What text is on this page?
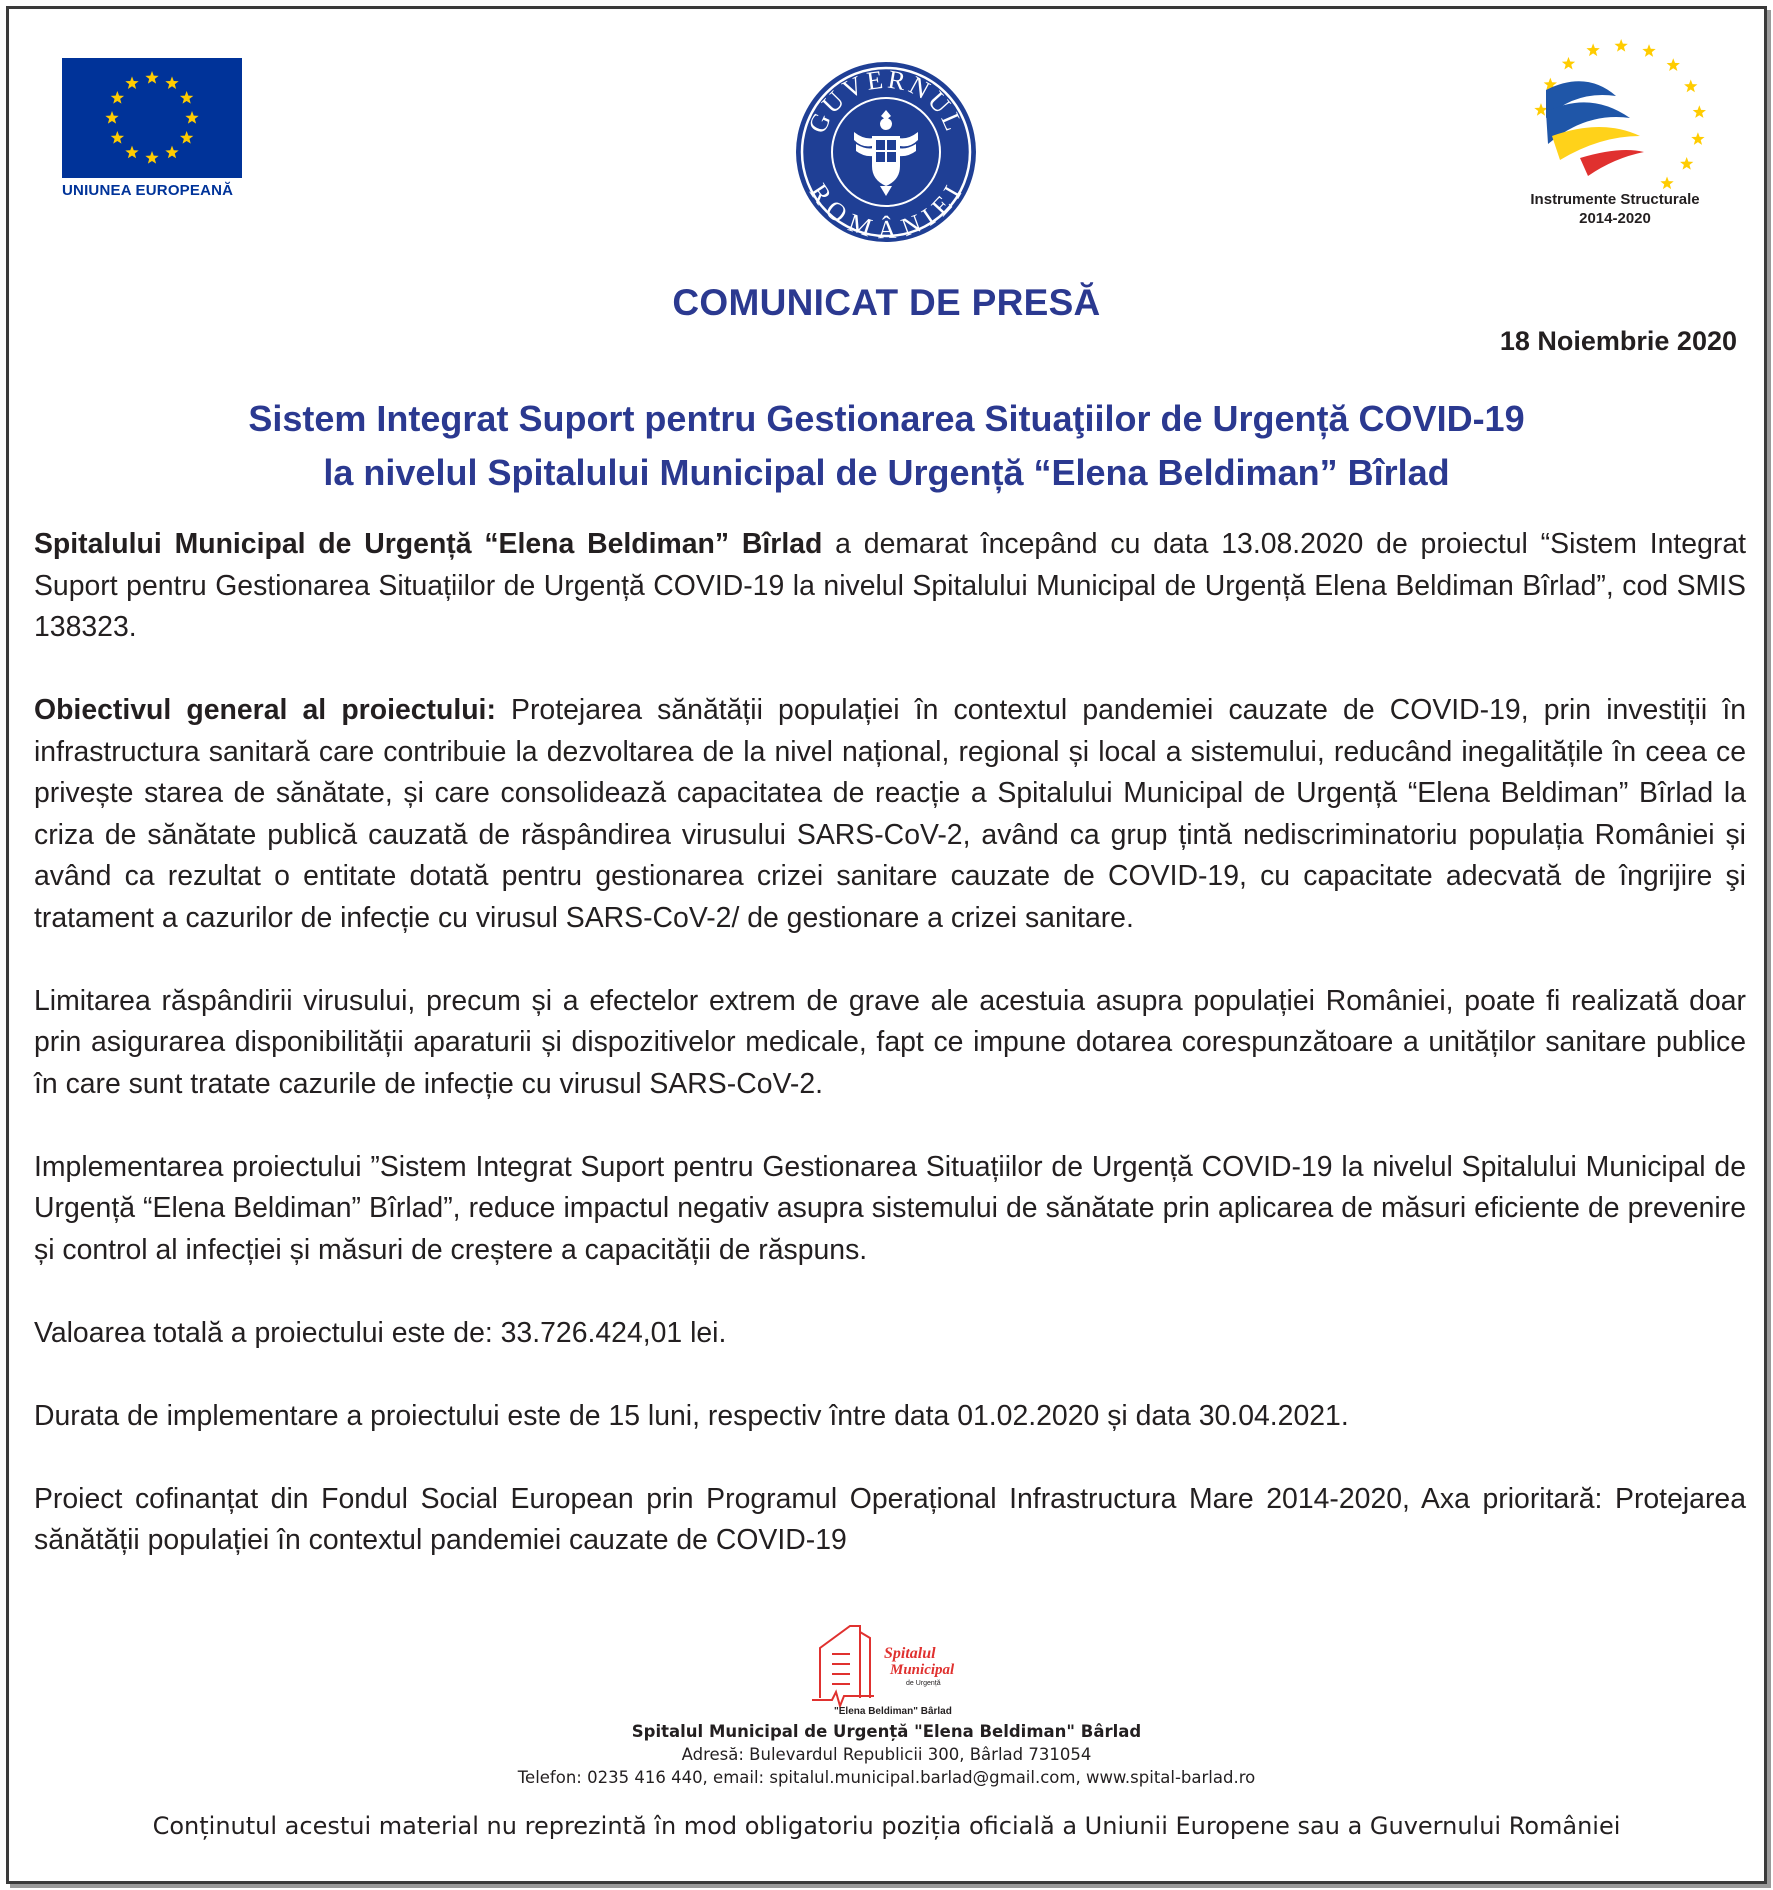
UNIUNEA EUROPEANĂ
GUVERNUL
ROMÂNIEI	Instrumente Structurale
2014-2020
COMUNICAT DE PRESĂ
18 Noiembrie 2020
Sistem Integrat Suport pentru Gestionarea Situaţiilor de Urgență COVID-19
la nivelul Spitalului Municipal de Urgență “Elena Beldiman” Bîrlad

Spitalului Municipal de Urgență “Elena Beldiman” Bîrlad a demarat începând cu data 13.08.2020 de proiectul “Sistem Integrat Suport pentru Gestionarea Situațiilor de Urgență COVID-19 la nivelul Spitalului Municipal de Urgență Elena Beldiman Bîrlad”, cod SMIS 138323.

Obiectivul general al proiectului: Protejarea sănătății populației în contextul pandemiei cauzate de COVID-19, prin investiții în infrastructura sanitară care contribuie la dezvoltarea de la nivel național, regional și local a sistemului, reducând inegalitățile în ceea ce privește starea de sănătate, și care consolidează capacitatea de reacție a Spitalului Municipal de Urgență “Elena Beldiman” Bîrlad la criza de sănătate publică cauzată de răspândirea virusului SARS-CoV-2, având ca grup țintă nediscriminatoriu populația României și având ca rezultat o entitate dotată pentru gestionarea crizei sanitare cauzate de COVID-19, cu capacitate adecvată de îngrijire şi tratament a cazurilor de infecție cu virusul SARS-CoV-2/ de gestionare a crizei sanitare.

Limitarea răspândirii virusului, precum și a efectelor extrem de grave ale acestuia asupra populației României, poate fi realizată doar prin asigurarea disponibilității aparaturii și dispozitivelor medicale, fapt ce impune dotarea corespunzătoare a unităților sanitare publice în care sunt tratate cazurile de infecție cu virusul SARS-CoV-2.

Implementarea proiectului ”Sistem Integrat Suport pentru Gestionarea Situațiilor de Urgență COVID-19 la nivelul Spitalului Municipal de Urgență “Elena Beldiman” Bîrlad”, reduce impactul negativ asupra sistemului de sănătate prin aplicarea de măsuri eficiente de prevenire și control al infecției și măsuri de creștere a capacității de răspuns.

Valoarea totală a proiectului este de: 33.726.424,01 lei.

Durata de implementare a proiectului este de 15 luni, respectiv între data 01.02.2020 și data 30.04.2021.

Proiect cofinanțat din Fondul Social European prin Programul Operațional Infrastructura Mare 2014-2020, Axa prioritară: Protejarea sănătății populației în contextul pandemiei cauzate de COVID-19

Spitalul
Municipal
de Urgență
"Elena Beldiman" Bârlad
Spitalul Municipal de Urgență "Elena Beldiman" Bârlad
Adresă: Bulevardul Republicii 300, Bârlad 731054
Telefon: 0235 416 440, email: spitalul.municipal.barlad@gmail.com, www.spital-barlad.ro
Conținutul acestui material nu reprezintă în mod obligatoriu poziția oficială a Uniunii Europene sau a Guvernului României
